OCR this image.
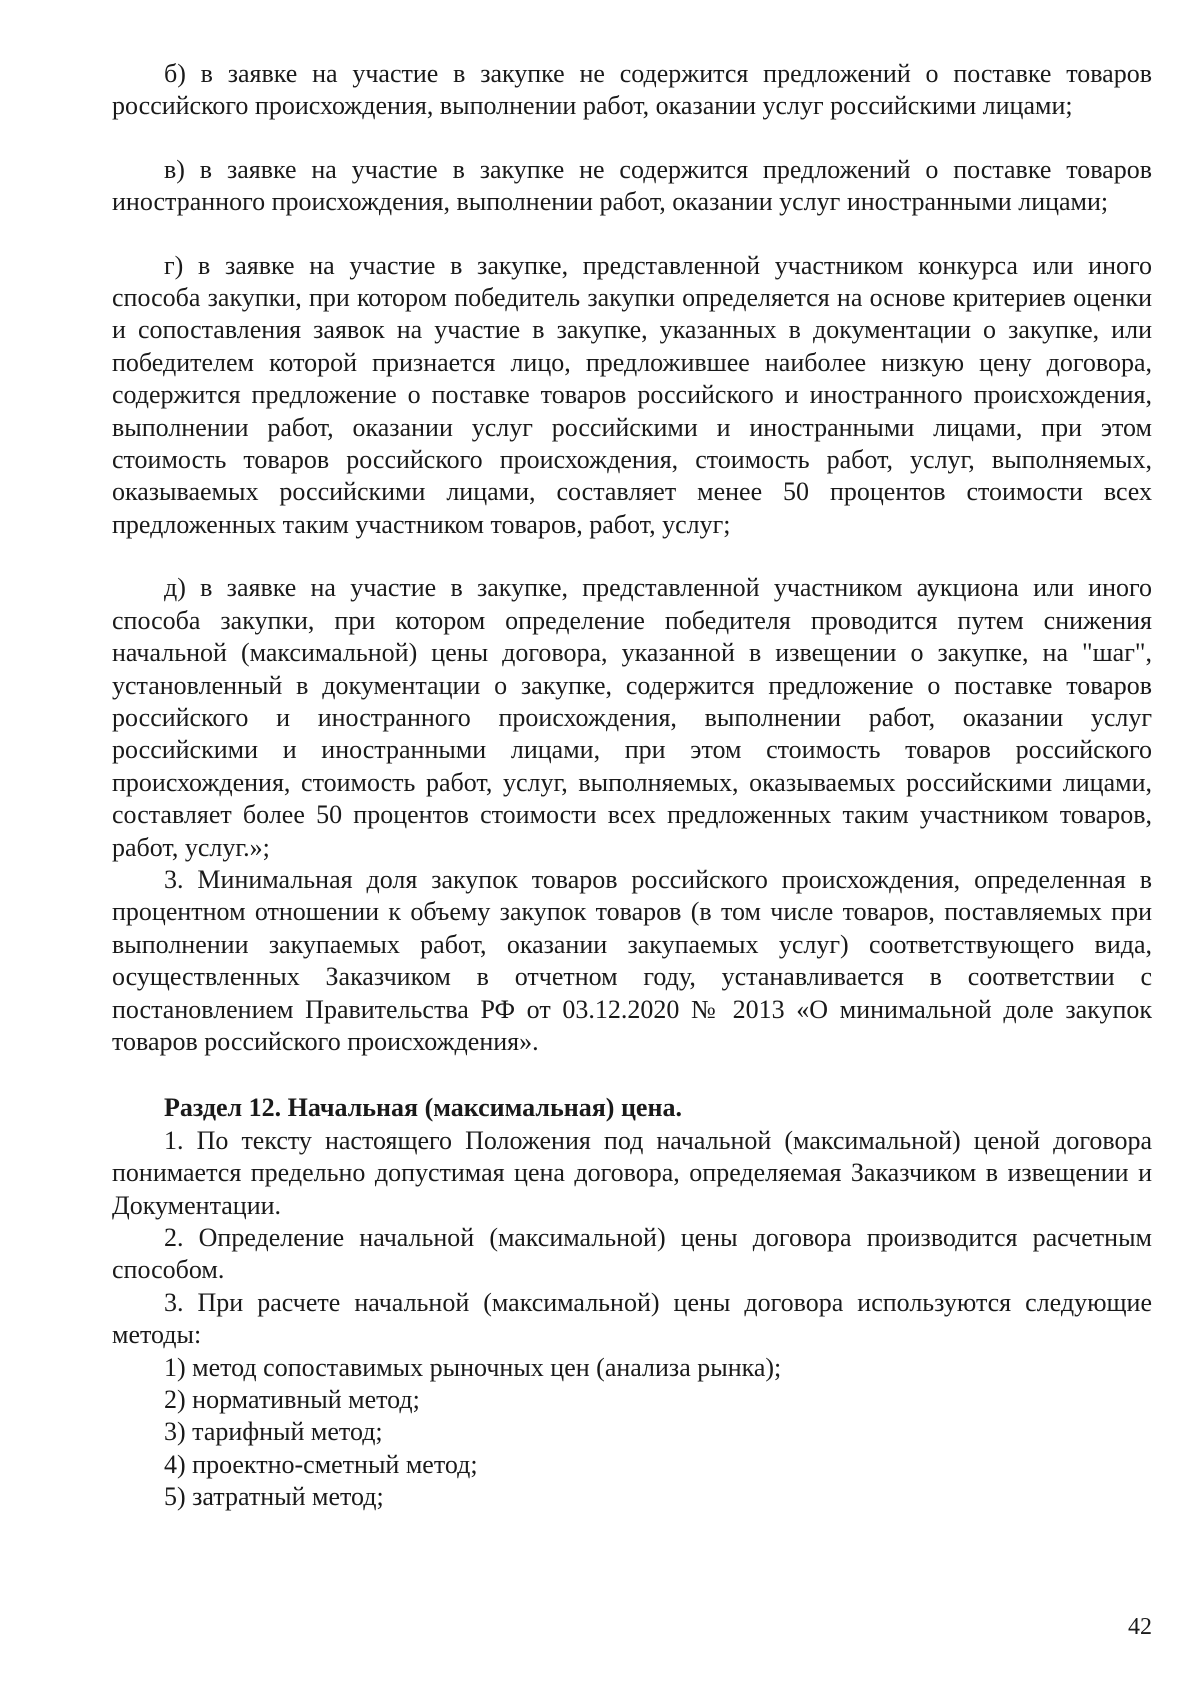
б) в заявке на участие в закупке не содержится предложений о поставке товаров российского происхождения, выполнении работ, оказании услуг российскими лицами;

в) в заявке на участие в закупке не содержится предложений о поставке товаров иностранного происхождения, выполнении работ, оказании услуг иностранными лицами;

г) в заявке на участие в закупке, представленной участником конкурса или иного способа закупки, при котором победитель закупки определяется на основе критериев оценки и сопоставления заявок на участие в закупке, указанных в документации о закупке, или победителем которой признается лицо, предложившее наиболее низкую цену договора, содержится предложение о поставке товаров российского и иностранного происхождения, выполнении работ, оказании услуг российскими и иностранными лицами, при этом стоимость товаров российского происхождения, стоимость работ, услуг, выполняемых, оказываемых российскими лицами, составляет менее 50 процентов стоимости всех предложенных таким участником товаров, работ, услуг;

д) в заявке на участие в закупке, представленной участником аукциона или иного способа закупки, при котором определение победителя проводится путем снижения начальной (максимальной) цены договора, указанной в извещении о закупке, на "шаг", установленный в документации о закупке, содержится предложение о поставке товаров российского и иностранного происхождения, выполнении работ, оказании услуг российскими и иностранными лицами, при этом стоимость товаров российского происхождения, стоимость работ, услуг, выполняемых, оказываемых российскими лицами, составляет более 50 процентов стоимости всех предложенных таким участником товаров, работ, услуг.»;

3. Минимальная доля закупок товаров российского происхождения, определенная в процентном отношении к объему закупок товаров (в том числе товаров, поставляемых при выполнении закупаемых работ, оказании закупаемых услуг) соответствующего вида, осуществленных Заказчиком в отчетном году, устанавливается в соответствии с постановлением Правительства РФ от 03.12.2020 № 2013 «О минимальной доле закупок товаров российского происхождения».

Раздел 12. Начальная (максимальная) цена.

1. По тексту настоящего Положения под начальной (максимальной) ценой договора понимается предельно допустимая цена договора, определяемая Заказчиком в извещении и Документации.

2. Определение начальной (максимальной) цены договора производится расчетным способом.

3. При расчете начальной (максимальной) цены договора используются следующие методы:

1) метод сопоставимых рыночных цен (анализа рынка);

2) нормативный метод;

3) тарифный метод;

4) проектно-сметный метод;

5) затратный метод;

42
